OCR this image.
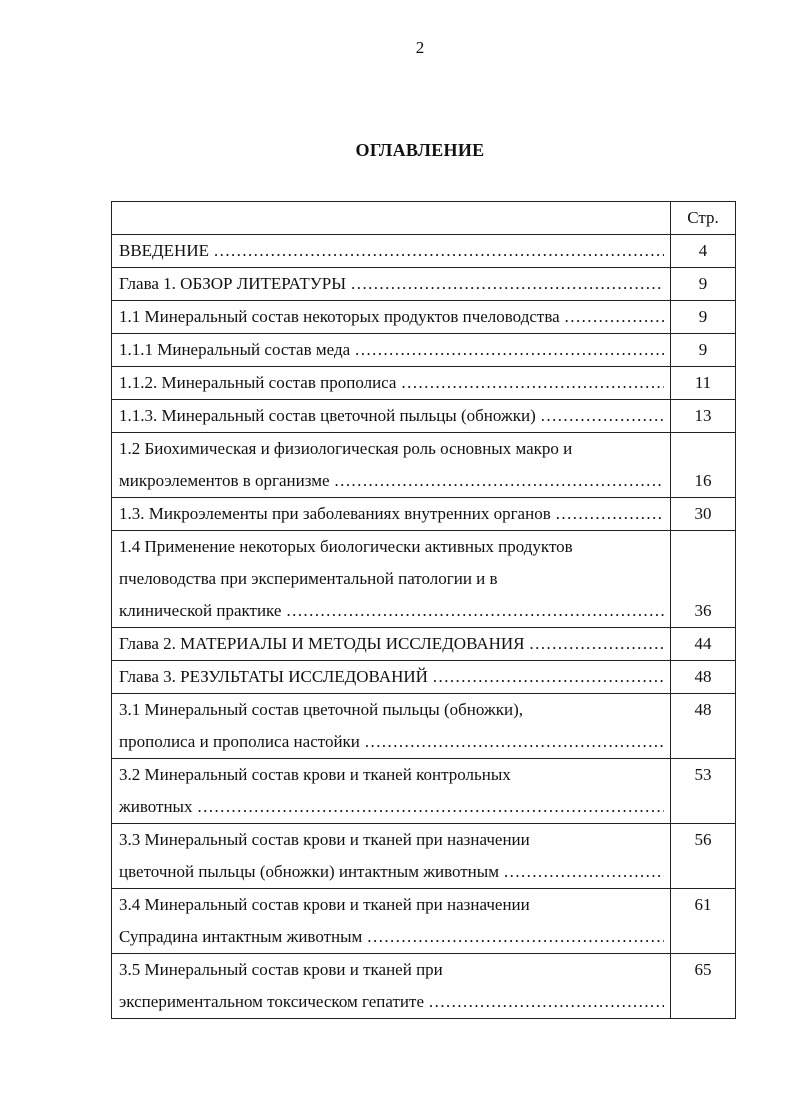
2
ОГЛАВЛЕНИЕ
	Стр.

ВВЕДЕНИЕ ……………………………………………………………………………………………………	4

Глава 1. ОБЗОР ЛИТЕРАТУРЫ ……………………………………………………………………………………………………	9

1.1 Минеральный состав некоторых продуктов пчеловодства ……………………………………………………………………………………………………	9

1.1.1 Минеральный состав меда ……………………………………………………………………………………………………	9

1.1.2. Минеральный состав прополиса ……………………………………………………………………………………………………	11

1.1.3. Минеральный состав цветочной пыльцы (обножки) ……………………………………………………………………………………………………	13

1.2 Биохимическая и физиологическая роль основных макро и
микроэлементов в организме ……………………………………………………………………………………………………	16

1.3. Микроэлементы при заболеваниях внутренних органов ……………………………………………………………………………………………………	30

1.4 Применение некоторых биологически активных продуктов
пчеловодства при экспериментальной патологии и в
клинической практике ……………………………………………………………………………………………………	36

Глава 2. МАТЕРИАЛЫ И МЕТОДЫ ИССЛЕДОВАНИЯ ……………………………………………………………………………………………………	44

Глава 3. РЕЗУЛЬТАТЫ ИССЛЕДОВАНИЙ ……………………………………………………………………………………………………	48

3.1 Минеральный состав цветочной пыльцы (обножки),
прополиса и прополиса настойки ……………………………………………………………………………………………………	48

3.2 Минеральный состав крови и тканей контрольных
животных ……………………………………………………………………………………………………	53

3.3 Минеральный состав крови и тканей при назначении
цветочной пыльцы (обножки) интактным животным ……………………………………………………………………………………………………	56

3.4 Минеральный состав крови и тканей при назначении
Супрадина интактным животным ……………………………………………………………………………………………………	61

3.5 Минеральный состав крови и тканей при
экспериментальном токсическом гепатите ……………………………………………………………………………………………………	65
